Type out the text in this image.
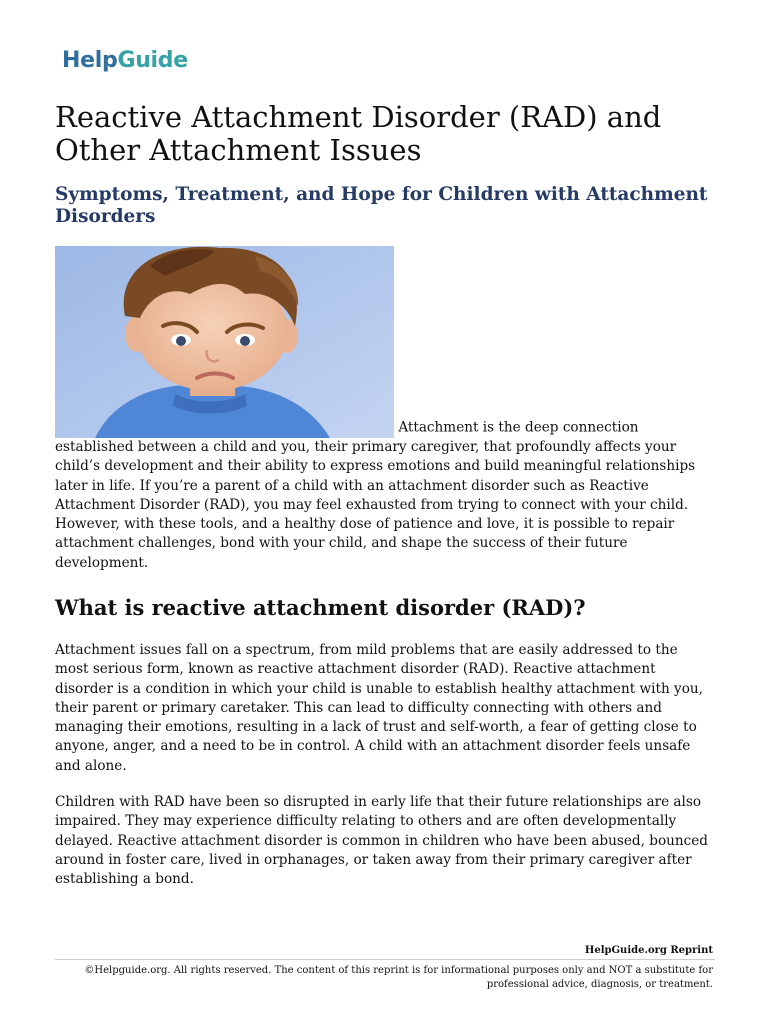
HelpGuide
Reactive Attachment Disorder (RAD) and Other Attachment Issues
Symptoms, Treatment, and Hope for Children with Attachment Disorders
Attachment is the deep connection established between a child and you, their primary caregiver, that profoundly affects your child’s development and their ability to express emotions and build meaningful relationships later in life. If you’re a parent of a child with an attachment disorder such as Reactive Attachment Disorder (RAD), you may feel exhausted from trying to connect with your child. However, with these tools, and a healthy dose of patience and love, it is possible to repair attachment challenges, bond with your child, and shape the success of their future development.
What is reactive attachment disorder (RAD)?

Attachment issues fall on a spectrum, from mild problems that are easily addressed to the most serious form, known as reactive attachment disorder (RAD). Reactive attachment disorder is a condition in which your child is unable to establish healthy attachment with you, their parent or primary caretaker. This can lead to difficulty connecting with others and managing their emotions, resulting in a lack of trust and self-worth, a fear of getting close to anyone, anger, and a need to be in control. A child with an attachment disorder feels unsafe and alone.

Children with RAD have been so disrupted in early life that their future relationships are also impaired. They may experience difficulty relating to others and are often developmentally delayed. Reactive attachment disorder is common in children who have been abused, bounced around in foster care, lived in orphanages, or taken away from their primary caregiver after establishing a bond.

HelpGuide.org Reprint
©Helpguide.org. All rights reserved. The content of this reprint is for informational purposes only and NOT a substitute for professional advice, diagnosis, or treatment.
